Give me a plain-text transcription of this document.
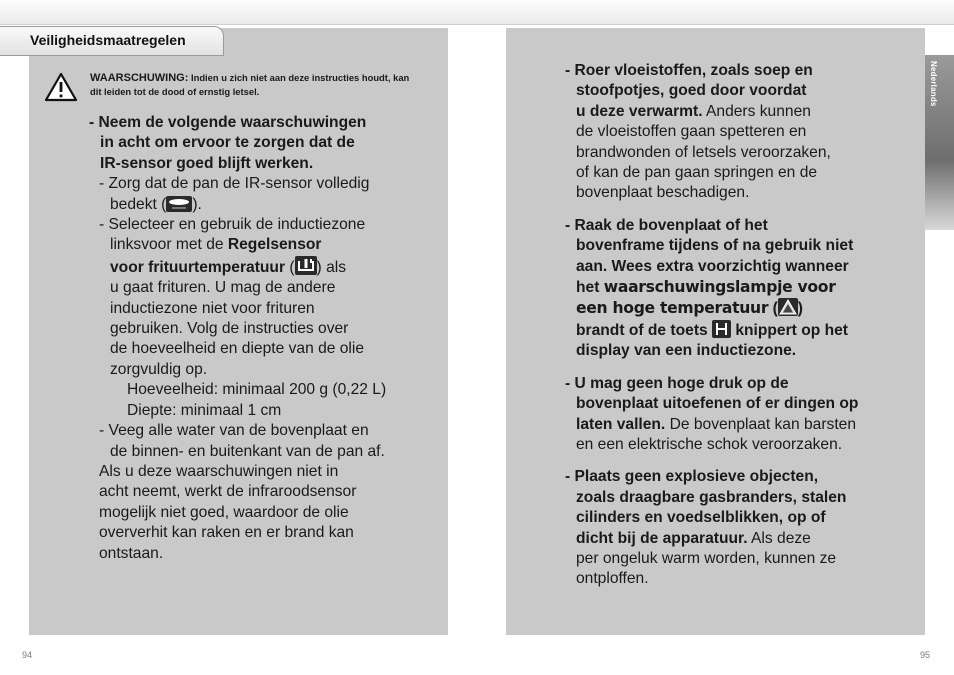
Veiligheidsmaatregelen
WAARSCHUWING: Indien u zich niet aan deze instructies houdt, kan dit leiden tot de dood of ernstig letsel.
- Neem de volgende waarschuwingen
in acht om ervoor te zorgen dat de
IR-sensor goed blijft werken.
- Zorg dat de pan de IR-sensor volledig
bedekt ( ).
- Selecteer en gebruik de inductiezone
linksvoor met de Regelsensor
voor frituurtemperatuur ( ) als
u gaat frituren. U mag de andere
inductiezone niet voor frituren
gebruiken. Volg de instructies over
de hoeveelheid en diepte van de olie
zorgvuldig op.
Hoeveelheid: minimaal 200 g (0,22 L)
Diepte: minimaal 1 cm
- Veeg alle water van de bovenplaat en
de binnen- en buitenkant van de pan af.
Als u deze waarschuwingen niet in
acht neemt, werkt de infraroodsensor
mogelijk niet goed, waardoor de olie
oververhit kan raken en er brand kan
ontstaan.
- Roer vloeistoffen, zoals soep en
stoofpotjes, goed door voordat
u deze verwarmt. Anders kunnen
de vloeistoffen gaan spetteren en
brandwonden of letsels veroorzaken,
of kan de pan gaan springen en de
bovenplaat beschadigen.
- Raak de bovenplaat of het
bovenframe tijdens of na gebruik niet
aan. Wees extra voorzichtig wanneer
het waarschuwingslampje voor
een hoge temperatuur ( )
brandt of de toets  knippert op het
display van een inductiezone.
- U mag geen hoge druk op de
bovenplaat uitoefenen of er dingen op
laten vallen. De bovenplaat kan barsten
en een elektrische schok veroorzaken.
- Plaats geen explosieve objecten,
zoals draagbare gasbranders, stalen
cilinders en voedselblikken, op of
dicht bij de apparatuur. Als deze
per ongeluk warm worden, kunnen ze
ontploffen.
Nederlands
94	95
